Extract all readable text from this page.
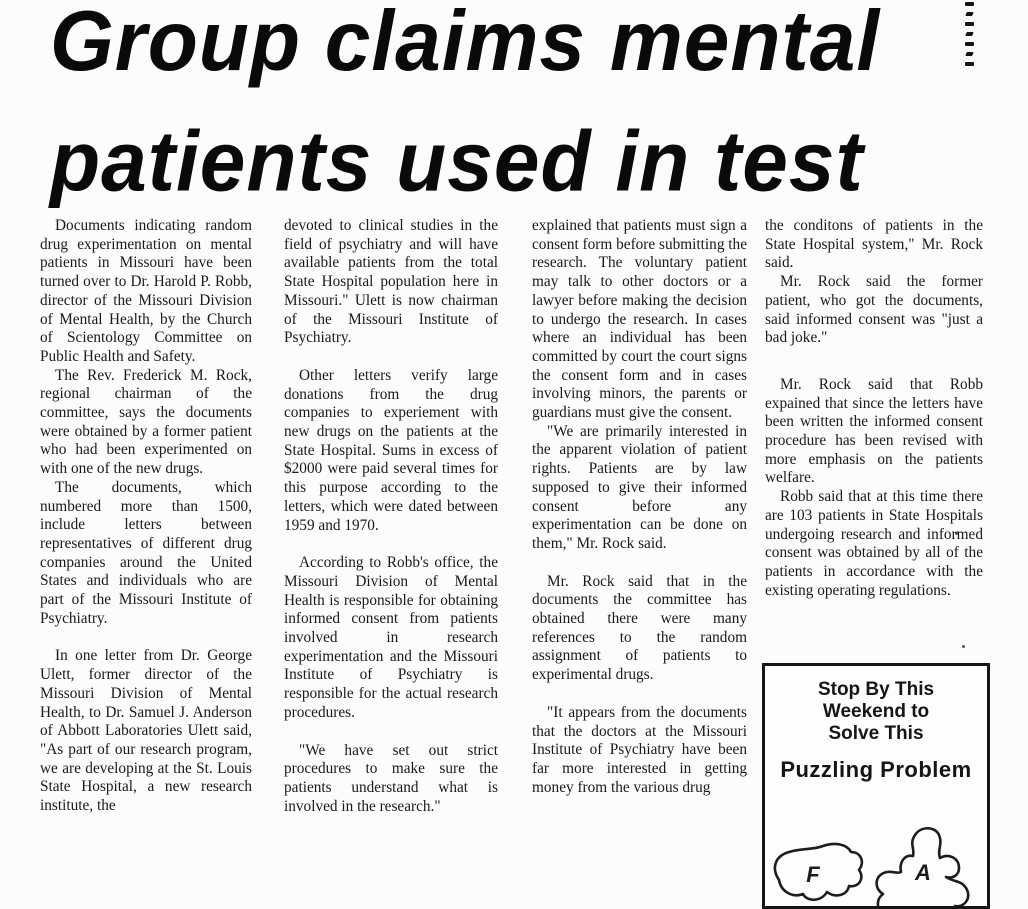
Group claims mental
patients used in test

Documents indicating random drug experimentation on mental patients in Missouri have been turned over to Dr. Harold P. Robb, director of the Missouri Division of Mental Health, by the Church of Scientology Committee on Public Health and Safety.

The Rev. Frederick M. Rock, regional chairman of the committee, says the documents were obtained by a former patient who had been experimented on with one of the new drugs.

The documents, which numbered more than 1500, include letters between representatives of different drug companies around the United States and individuals who are part of the Missouri Institute of Psychiatry.

In one letter from Dr. George Ulett, former director of the Missouri Division of Mental Health, to Dr. Samuel J. Anderson of Abbott Laboratories Ulett said, "As part of our research program, we are developing at the St. Louis State Hospital, a new research institute, the

devoted to clinical studies in the field of psychiatry and will have available patients from the total State Hospital population here in Missouri." Ulett is now chairman of the Missouri Institute of Psychiatry.

Other letters verify large donations from the drug companies to experiement with new drugs on the patients at the State Hospital. Sums in excess of $2000 were paid several times for this purpose according to the letters, which were dated between 1959 and 1970.

According to Robb's office, the Missouri Division of Mental Health is responsible for obtaining informed consent from patients involved in research experimentation and the Missouri Institute of Psychiatry is responsible for the actual research procedures.

"We have set out strict procedures to make sure the patients understand what is involved in the research."

explained that patients must sign a consent form before submitting the research. The voluntary patient may talk to other doctors or a lawyer before making the decision to undergo the research. In cases where an individual has been committed by court the court signs the consent form and in cases involving minors, the parents or guardians must give the consent.

"We are primarily interested in the apparent violation of patient rights. Patients are by law supposed to give their informed consent before any experimentation can be done on them," Mr. Rock said.

Mr. Rock said that in the documents the committee has obtained there were many references to the random assignment of patients to experimental drugs.

"It appears from the documents that the doctors at the Missouri Institute of Psychiatry have been far more interested in getting money from the various drug

the conditons of patients in the State Hospital system," Mr. Rock said.

Mr. Rock said the former patient, who got the documents, said informed consent was "just a bad joke."

Mr. Rock said that Robb expained that since the letters have been written the informed consent procedure has been revised with more emphasis on the patients welfare.

Robb said that at this time there are 103 patients in State Hospitals undergoing research and informed consent was obtained by all of the patients in accordance with the existing operating regulations.

Stop By This
Weekend to
Solve This
Puzzling Problem
F	A
